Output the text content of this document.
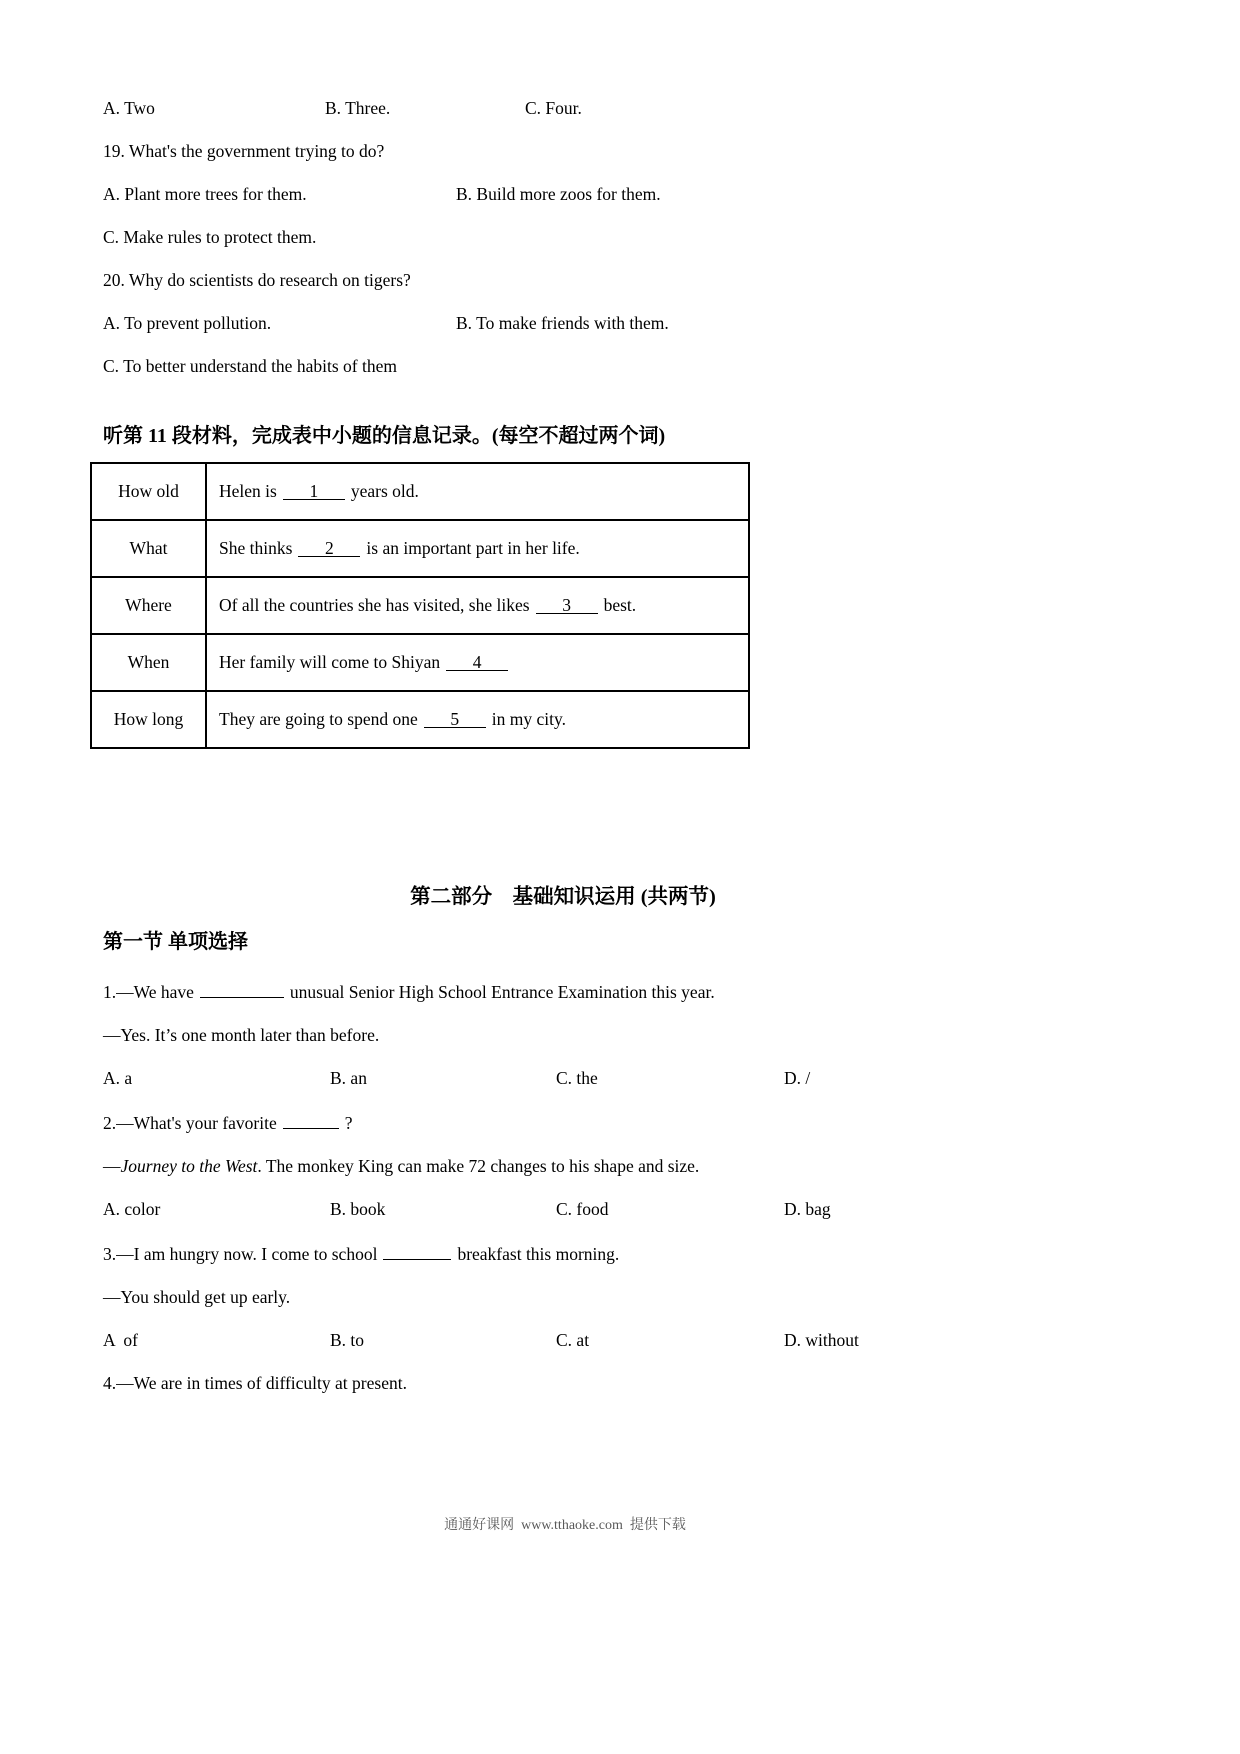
A. Two	B. Three.	C. Four.

19. What's the government trying to do?

A. Plant more trees for them.	B. Build more zoos for them.

C. Make rules to protect them.

20. Why do scientists do research on tigers?

A. To prevent pollution.	B. To make friends with them.

C. To better understand the habits of them

听第 11 段材料，完成表中小题的信息记录。(每空不超过两个词)
How old	Helen is 1 years old.
What	She thinks 2 is an important part in her life.
Where	Of all the countries she has visited, she likes 3 best.
When	Her family will come to Shiyan 4
How long	They are going to spend one 5 in my city.
第二部分　基础知识运用 (共两节)
第一节 单项选择

1.—We have	unusual Senior High School Entrance Examination this year.

—Yes. It’s one month later than before.

A. a	B. an	C. the	D. /

2.—What's your favorite	?

—Journey to the West. The monkey King can make 72 changes to his shape and size.

A. color	B. book	C. food	D. bag

3.—I am hungry now. I come to school	breakfast this morning.

—You should get up early.

A  of	B. to	C. at	D. without

4.—We are in times of difficulty at present.

通通好课网  www.tthaoke.com  提供下载
